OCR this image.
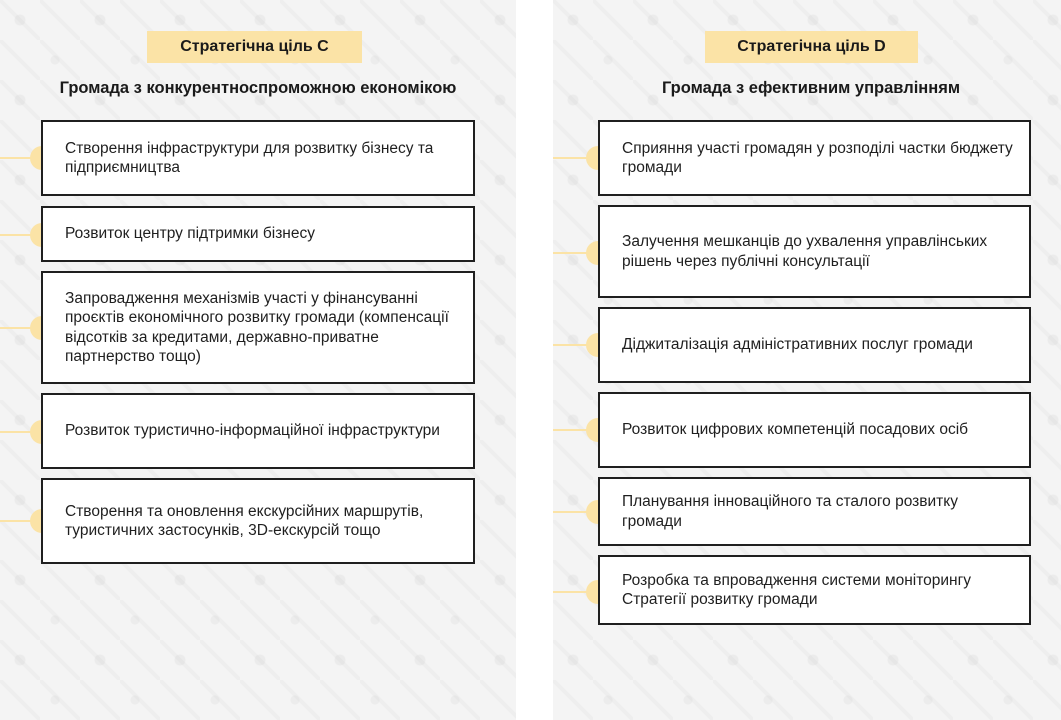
Стратегічна ціль C
Громада з конкурентноспроможною економікою
Створення інфраструктури для розвитку бізнесу та підприємництва
Розвиток центру підтримки бізнесу
Запровадження механізмів участі у фінансуванні проєктів економічного розвитку громади (компенсації відсотків за кредитами, державно-приватне партнерство тощо)
Розвиток туристично-інформаційної інфраструктури
Створення та оновлення екскурсійних маршрутів, туристичних застосунків, 3D-екскурсій тощо
Стратегічна ціль D
Громада з ефективним управлінням
Сприяння участі громадян у розподілі частки бюджету громади
Залучення мешканців до ухвалення управлінських рішень через публічні консультації
Діджиталізація адміністративних послуг громади
Розвиток цифрових компетенцій посадових осіб
Планування інноваційного та сталого розвитку громади
Розробка та впровадження системи моніторингу Стратегії розвитку громади
